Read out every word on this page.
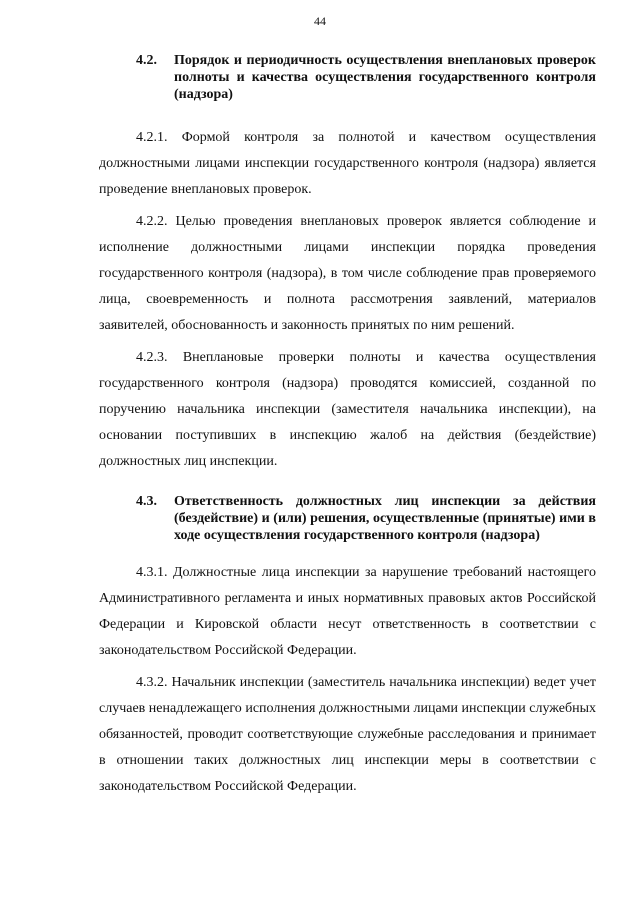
44
4.2.	Порядок и периодичность осуществления внеплановых проверок полноты и качества осуществления государственного контроля (надзора)

4.2.1. Формой контроля за полнотой и качеством осуществления должностными лицами инспекции государственного контроля (надзора) является проведение внеплановых проверок.

4.2.2. Целью проведения внеплановых проверок является соблюдение и исполнение должностными лицами инспекции порядка проведения государственного контроля (надзора), в том числе соблюдение прав проверяемого лица, своевременность и полнота рассмотрения заявлений, материалов заявителей, обоснованность и законность принятых по ним решений.

4.2.3. Внеплановые проверки полноты и качества осуществления государственного контроля (надзора) проводятся комиссией, созданной по поручению начальника инспекции (заместителя начальника инспекции), на основании поступивших в инспекцию жалоб на действия (бездействие) должностных лиц инспекции.

4.3.	Ответственность должностных лиц инспекции за действия (бездействие) и (или) решения, осуществленные (принятые) ими в ходе осуществления государственного контроля (надзора)

4.3.1. Должностные лица инспекции за нарушение требований настоящего Административного регламента и иных нормативных правовых актов Российской Федерации и Кировской области несут ответственность в соответствии с законодательством Российской Федерации.

4.3.2. Начальник инспекции (заместитель начальника инспекции) ведет учет случаев ненадлежащего исполнения должностными лицами инспекции служебных обязанностей, проводит соответствующие служебные расследования и принимает в отношении таких должностных лиц инспекции меры в соответствии с законодательством Российской Федерации.
